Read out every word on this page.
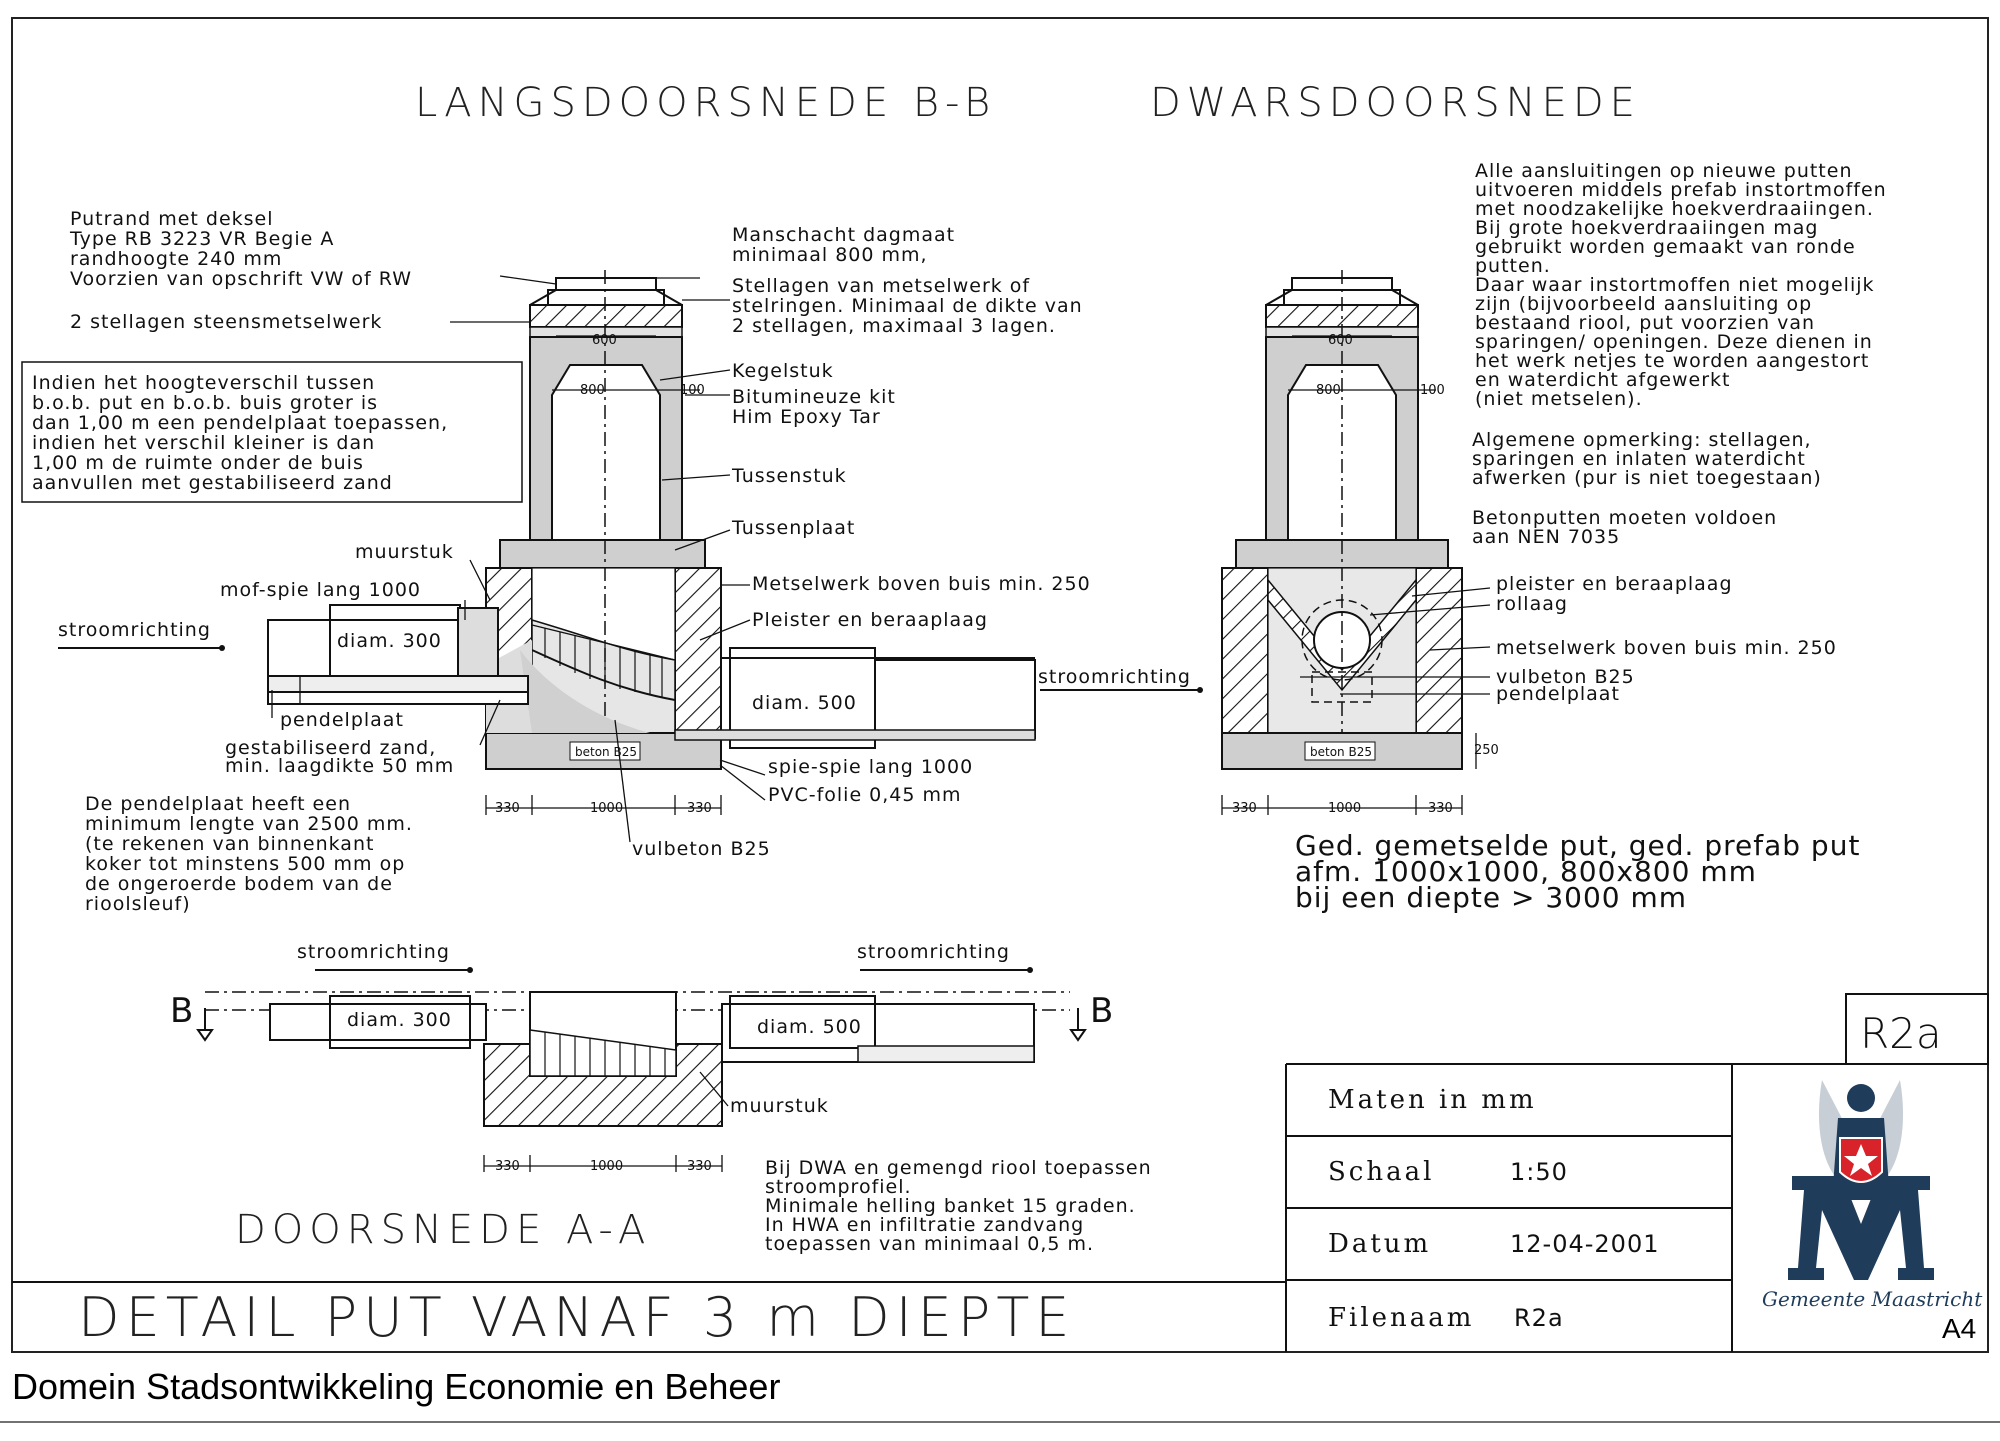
LANGSDOORSNEDE B-B	DWARSDOORSNEDE
DOORSNEDE A-A
DETAIL PUT VANAF 3 m DIEPTE
600
800	100
beton B25
diam. 300
diam. 500
330	1000	330
600
800	100
beton B25	250
330	1000	330
diam. 300	diam. 500
B	B
330	1000	330
Putrand met deksel
Type RB 3223 VR Begie A
randhoogte 240 mm
Voorzien van opschrift VW of RW
2 stellagen steensmetselwerk
Indien het hoogteverschil tussen
b.o.b. put en b.o.b. buis groter is
dan 1,00 m een pendelplaat toepassen,
indien het verschil kleiner is dan
1,00 m de ruimte onder de buis
aanvullen met gestabiliseerd zand
muurstuk
mof-spie lang 1000
stroomrichting
pendelplaat
gestabiliseerd zand,
min. laagdikte 50 mm
De pendelplaat heeft een
minimum lengte van 2500 mm.
(te rekenen van binnenkant
koker tot minstens 500 mm op
de ongeroerde bodem van de
rioolsleuf)
Manschacht dagmaat
minimaal 800 mm,
Stellagen van metselwerk of
stelringen. Minimaal de dikte van
2 stellagen, maximaal 3 lagen.
Kegelstuk
Bitumineuze kit
Him Epoxy Tar
Tussenstuk
Tussenplaat
Metselwerk boven buis min. 250
Pleister en beraaplaag
stroomrichting
spie-spie lang 1000
PVC-folie 0,45 mm
vulbeton B25
Alle aansluitingen op nieuwe putten
uitvoeren middels prefab instortmoffen
met noodzakelijke hoekverdraaiingen.
Bij grote hoekverdraaiingen mag
gebruikt worden gemaakt van ronde
putten.
Daar waar instortmoffen niet mogelijk
zijn (bijvoorbeeld aansluiting op
bestaand riool, put voorzien van
sparingen/ openingen. Deze dienen in
het werk netjes te worden aangestort
en waterdicht afgewerkt
(niet metselen).
Algemene opmerking: stellagen,
sparingen en inlaten waterdicht
afwerken (pur is niet toegestaan)
Betonputten moeten voldoen
aan NEN 7035
pleister en beraaplaag
rollaag
metselwerk boven buis min. 250
vulbeton B25
pendelplaat
Ged. gemetselde put, ged. prefab put
afm. 1000x1000, 800x800 mm
bij een diepte > 3000 mm
stroomrichting	stroomrichting
muurstuk
Bij DWA en gemengd riool toepassen
stroomprofiel.
Minimale helling banket 15 graden.
In HWA en infiltratie zandvang
toepassen van minimaal 0,5 m.
R2a
Maten in mm
Schaal	1:50
Datum	12-04-2001
Filenaam R2a
Gemeente Maastricht
A4
Domein Stadsontwikkeling Economie en Beheer
